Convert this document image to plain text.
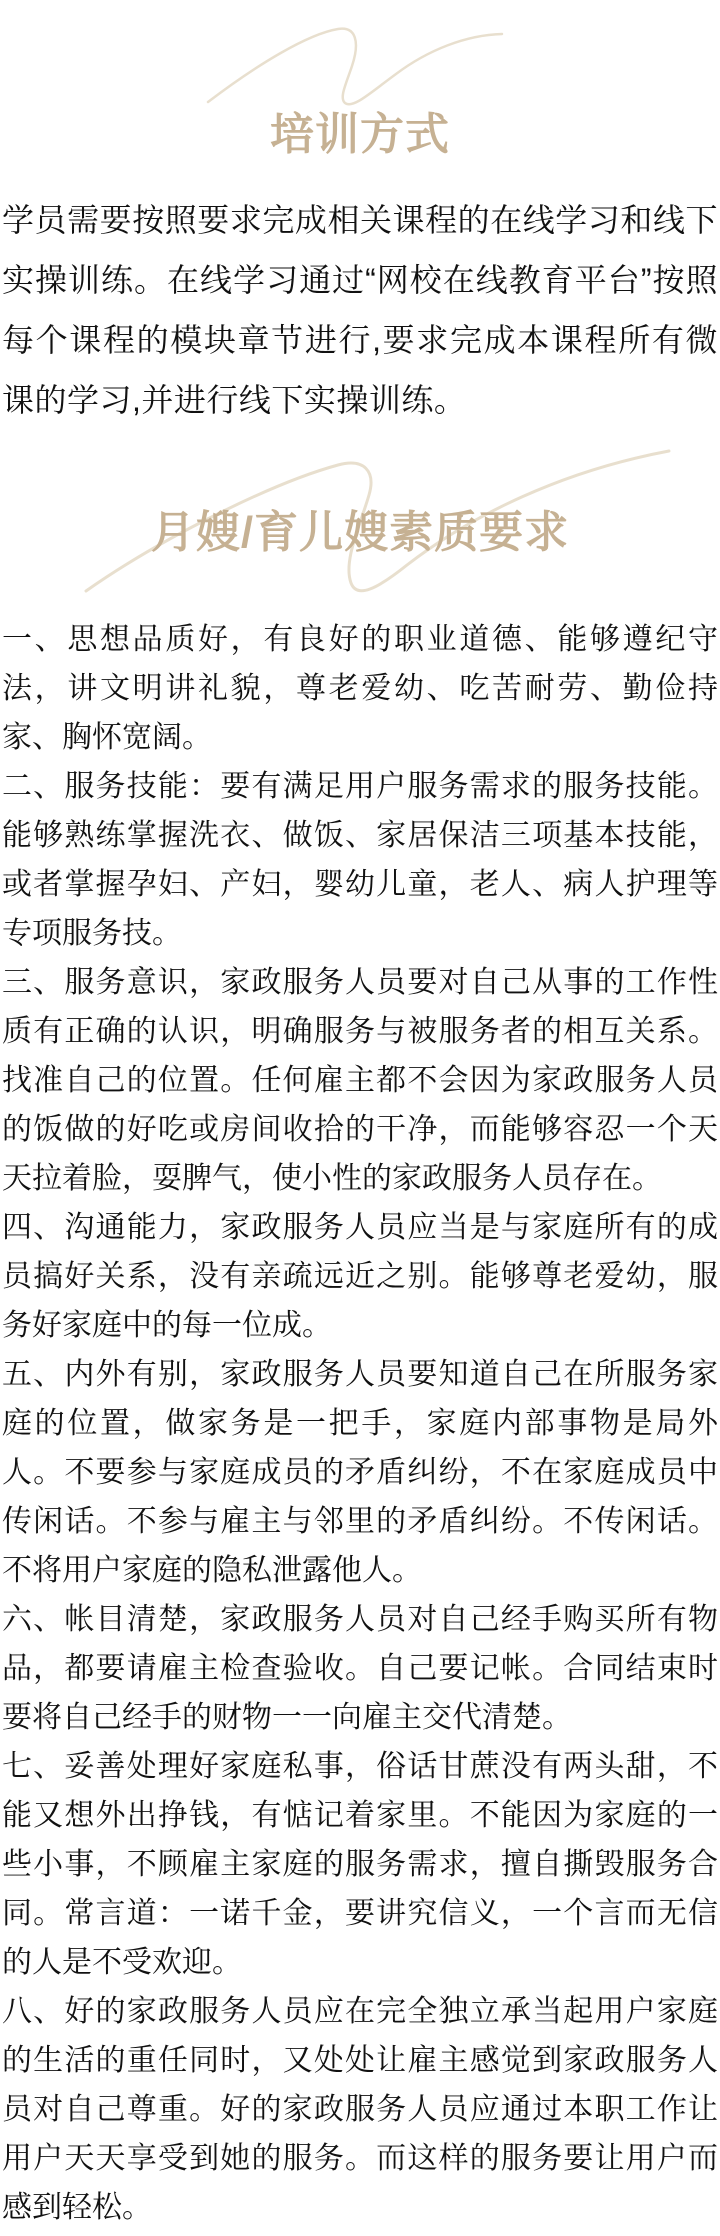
培训方式

学员需要按照要求完成相关课程的在线学习和线下实操训练。在线学习通过“网校在线教育平台”按照每个课程的模块章节进行,要求完成本课程所有微课的学习,并进行线下实操训练。

月嫂/育儿嫂素质要求

一、思想品质好，有良好的职业道德、能够遵纪守法，讲文明讲礼貌，尊老爱幼、吃苦耐劳、勤俭持家、胸怀宽阔。

二、服务技能：要有满足用户服务需求的服务技能。能够熟练掌握洗衣、做饭、家居保洁三项基本技能，或者掌握孕妇、产妇，婴幼儿童，老人、病人护理等专项服务技。

三、服务意识，家政服务人员要对自己从事的工作性质有正确的认识，明确服务与被服务者的相互关系。找准自己的位置。任何雇主都不会因为家政服务人员的饭做的好吃或房间收拾的干净，而能够容忍一个天天拉着脸，耍脾气，使小性的家政服务人员存在。

四、沟通能力，家政服务人员应当是与家庭所有的成员搞好关系，没有亲疏远近之别。能够尊老爱幼，服务好家庭中的每一位成。

五、内外有别，家政服务人员要知道自己在所服务家庭的位置，做家务是一把手，家庭内部事物是局外人。不要参与家庭成员的矛盾纠纷，不在家庭成员中传闲话。不参与雇主与邻里的矛盾纠纷。不传闲话。不将用户家庭的隐私泄露他人。

六、帐目清楚，家政服务人员对自己经手购买所有物品，都要请雇主检查验收。自己要记帐。合同结束时要将自己经手的财物一一向雇主交代清楚。

七、妥善处理好家庭私事，俗话甘蔗没有两头甜，不能又想外出挣钱，有惦记着家里。不能因为家庭的一些小事，不顾雇主家庭的服务需求，擅自撕毁服务合同。常言道：一诺千金，要讲究信义，一个言而无信的人是不受欢迎。

八、好的家政服务人员应在完全独立承当起用户家庭的生活的重任同时，又处处让雇主感觉到家政服务人员对自己尊重。好的家政服务人员应通过本职工作让用户天天享受到她的服务。而这样的服务要让用户而感到轻松。
